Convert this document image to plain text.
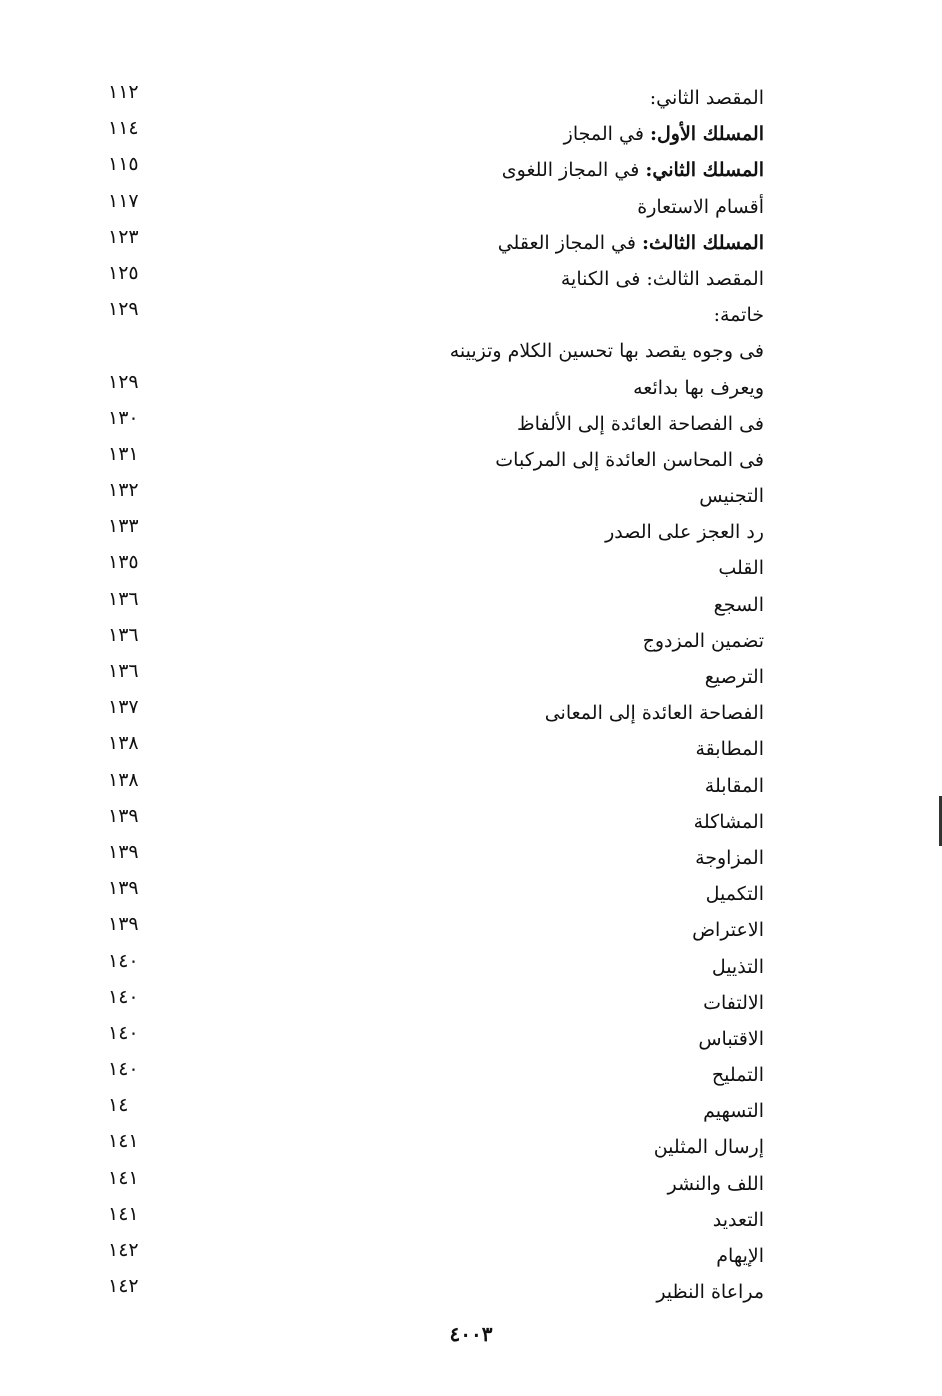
المقصد الثاني:
١١٢
المسلك الأول: في المجاز
١١٤
المسلك الثاني: في المجاز اللغوى
١١٥
أقسام الاستعارة
١١٧
المسلك الثالث: في المجاز العقلي
١٢٣
المقصد الثالث: فى الكناية
١٢٥
خاتمة:
١٢٩
فى وجوه يقصد بها تحسين الكلام وتزيينه
ويعرف بها بدائعه
١٢٩
فى الفصاحة العائدة إلى الألفاظ
١٣٠
فى المحاسن العائدة إلى المركبات
١٣١
التجنيس
١٣٢
رد العجز على الصدر
١٣٣
القلب
١٣٥
السجع
١٣٦
تضمين المزدوج
١٣٦
الترصيع
١٣٦
الفصاحة العائدة إلى المعانى
١٣٧
المطابقة
١٣٨
المقابلة
١٣٨
المشاكلة
١٣٩
المزاوجة
١٣٩
التكميل
١٣٩
الاعتراض
١٣٩
التذييل
١٤٠
الالتفات
١٤٠
الاقتباس
١٤٠
التمليح
١٤٠
التسهيم
١٤
إرسال المثلين
١٤١
اللف والنشر
١٤١
التعديد
١٤١
الإيهام
١٤٢
مراعاة النظير
١٤٢
٤٠٠٣
